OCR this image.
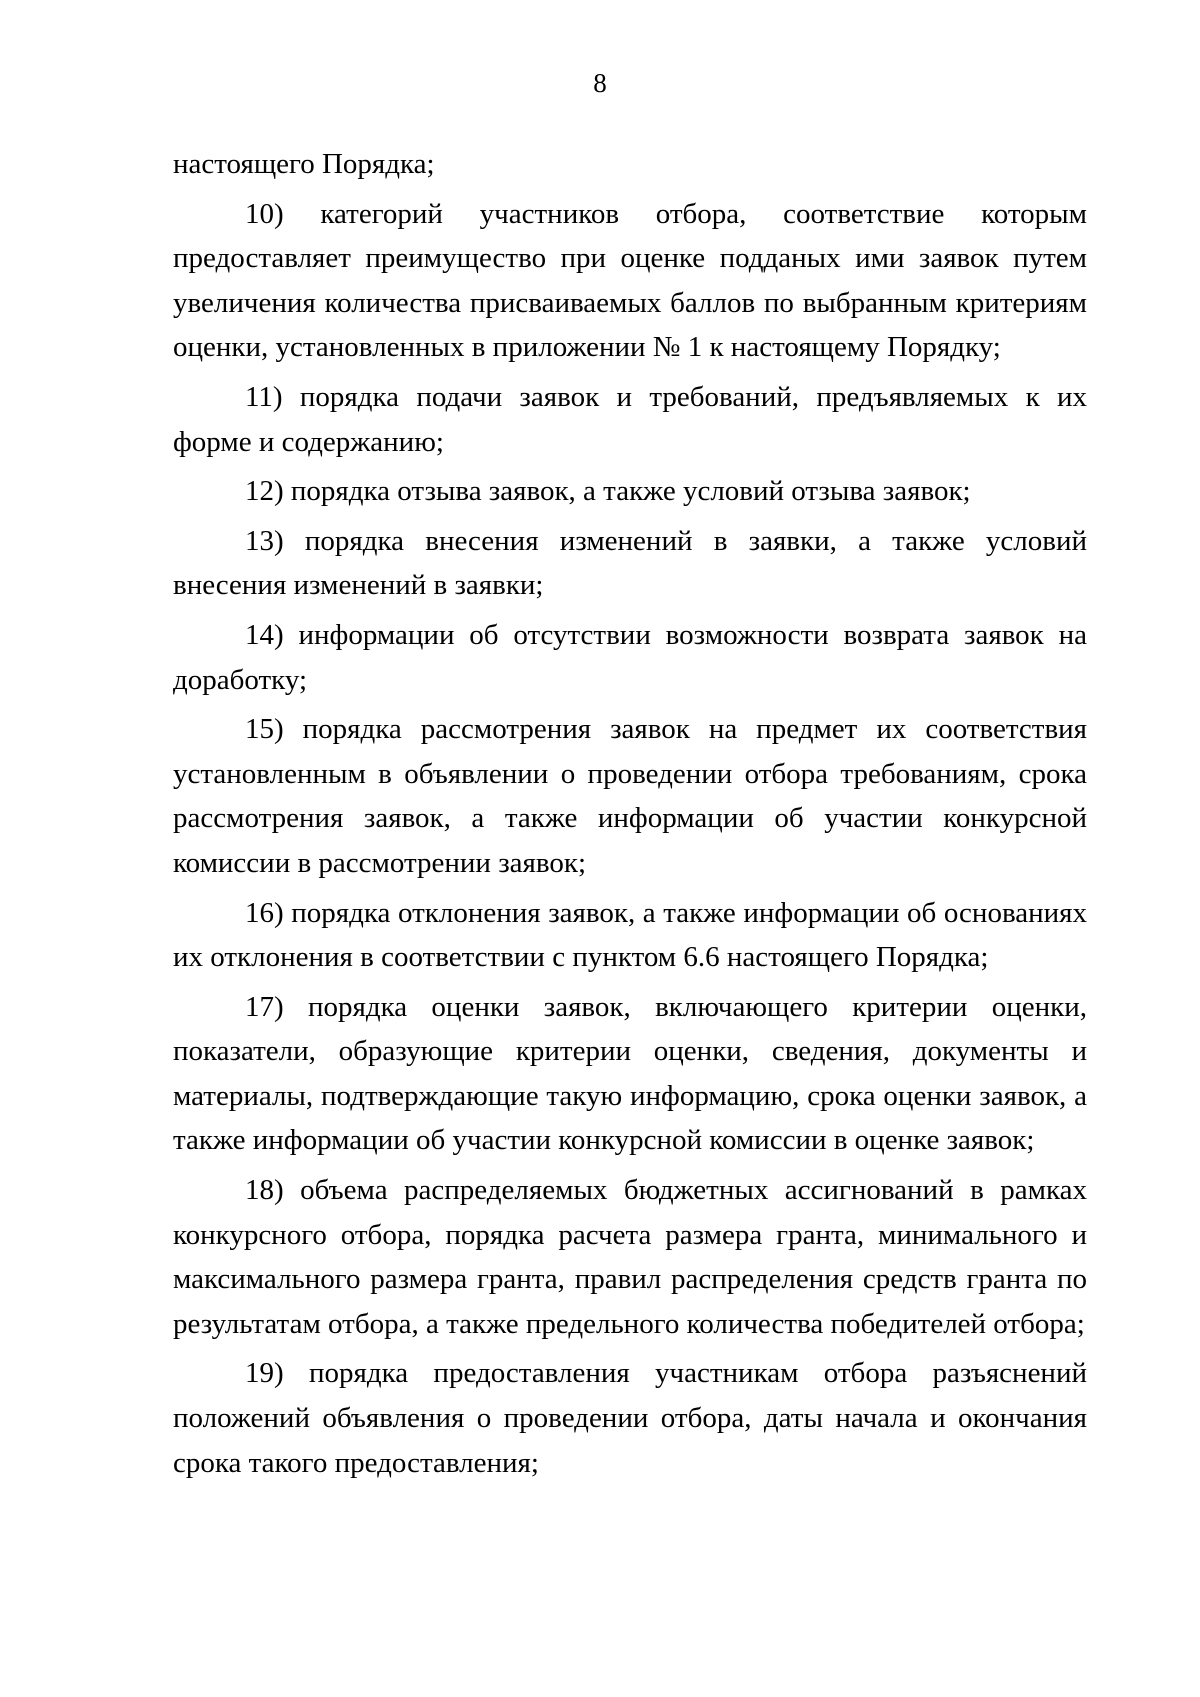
8

настоящего Порядка;

10) категорий участников отбора, соответствие которым предоставляет преимущество при оценке подданых ими заявок путем увеличения количества присваиваемых баллов по выбранным критериям оценки, установленных в приложении № 1 к настоящему Порядку;

11) порядка подачи заявок и требований, предъявляемых к их форме и содержанию;

12) порядка отзыва заявок, а также условий отзыва заявок;

13) порядка внесения изменений в заявки, а также условий внесения изменений в заявки;

14) информации об отсутствии возможности возврата заявок на доработку;

15) порядка рассмотрения заявок на предмет их соответствия установленным в объявлении о проведении отбора требованиям, срока рассмотрения заявок, а также информации об участии конкурсной комиссии в рассмотрении заявок;

16) порядка отклонения заявок, а также информации об основаниях их отклонения в соответствии с пунктом 6.6 настоящего Порядка;

17) порядка оценки заявок, включающего критерии оценки, показатели, образующие критерии оценки, сведения, документы и материалы, подтверждающие такую информацию, срока оценки заявок, а также информации об участии конкурсной комиссии в оценке заявок;

18) объема распределяемых бюджетных ассигнований в рамках конкурсного отбора, порядка расчета размера гранта, минимального и максимального размера гранта, правил распределения средств гранта по результатам отбора, а также предельного количества победителей отбора;

19) порядка предоставления участникам отбора разъяснений положений объявления о проведении отбора, даты начала и окончания срока такого предоставления;
